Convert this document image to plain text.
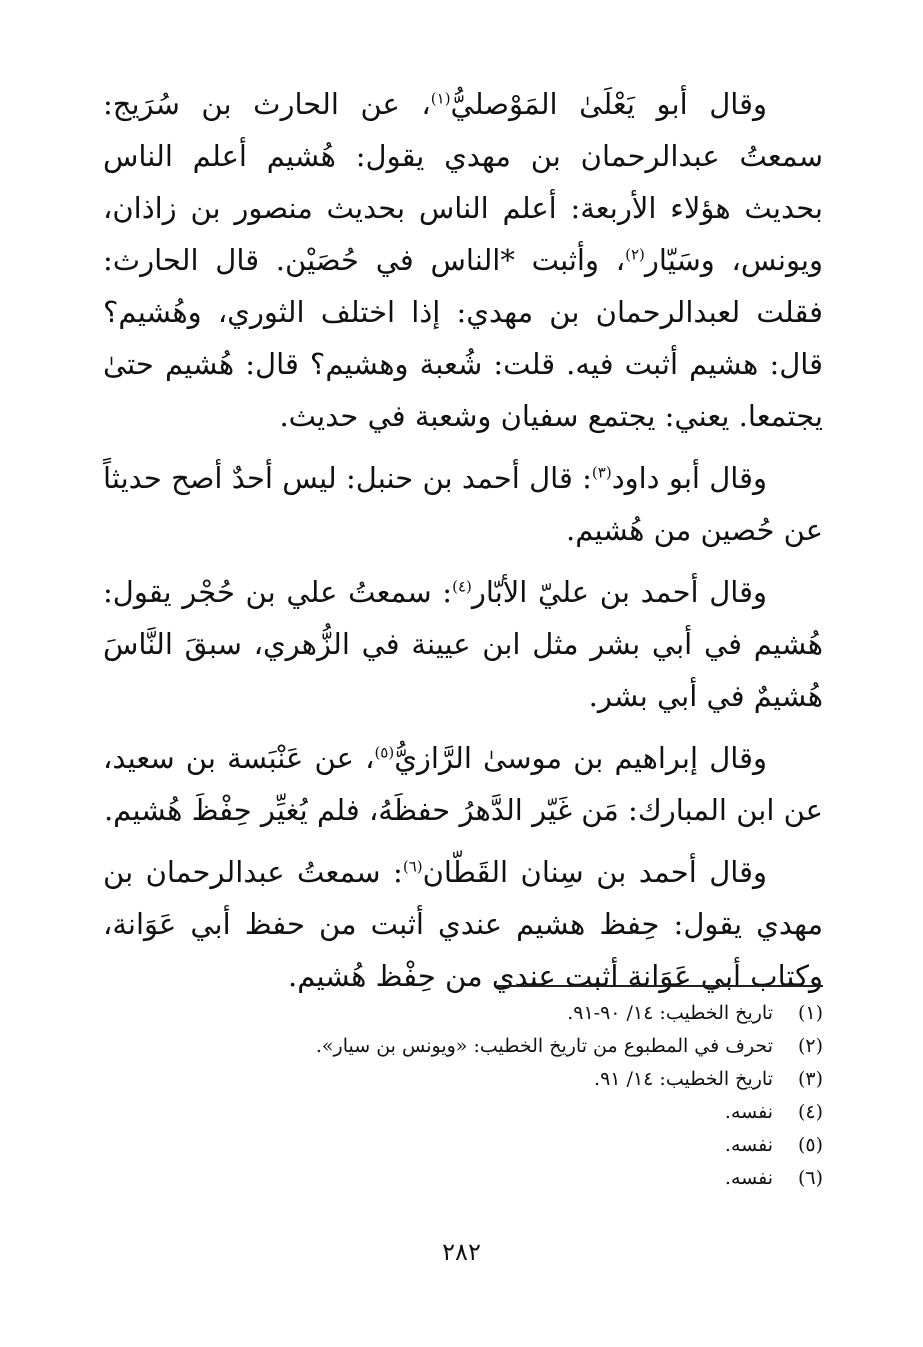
وقال أبو يَعْلَىٰ المَوْصليُّ$^{(١)}$، عن الحارث بن سُرَيج: سمعتُ عبدالرحمان بن مهدي يقول: هُشيم أعلم الناس بحديث هؤلاء الأربعة: أعلم الناس بحديث منصور بن زاذان، ويونس، وسَيّار$^{(٢)}$، وأثبت *الناس في حُصَيْن. قال الحارث: فقلت لعبدالرحمان بن مهدي: إذا اختلف الثوري، وهُشيم؟ قال: هشيم أثبت فيه. قلت: شُعبة وهشيم؟ قال: هُشيم حتىٰ يجتمعا. يعني: يجتمع سفيان وشعبة في حديث.

وقال أبو داود$^{(٣)}$: قال أحمد بن حنبل: ليس أحدٌ أصح حديثاً عن حُصين من هُشيم.

وقال أحمد بن عليّ الأبّار$^{(٤)}$: سمعتُ علي بن حُجْر يقول: هُشيم في أبي بشر مثل ابن عيينة في الزُّهري، سبقَ النَّاسَ هُشيمٌ في أبي بشر.

وقال إبراهيم بن موسىٰ الرَّازيُّ$^{(٥)}$، عن عَنْبَسة بن سعيد، عن ابن المبارك: مَن غَيّر الدَّهرُ حفظَهُ، فلم يُغيِّر حِفْظَ هُشيم.

وقال أحمد بن سِنان القَطّان$^{(٦)}$: سمعتُ عبدالرحمان بن مهدي يقول: حِفظ هشيم عندي أثبت من حفظ أبي عَوَانة، وكتاب أبي عَوَانة أثبت عندي من حِفْظ هُشيم.

(١)
تاريخ الخطيب: ١٤/ ٩٠-٩١.
(٢)
تحرف في المطبوع من تاريخ الخطيب: «ويونس بن سيار».
(٣)
تاريخ الخطيب: ١٤/ ٩١.
(٤)
نفسه.
(٥)
نفسه.
(٦)
نفسه.
٢٨٢
